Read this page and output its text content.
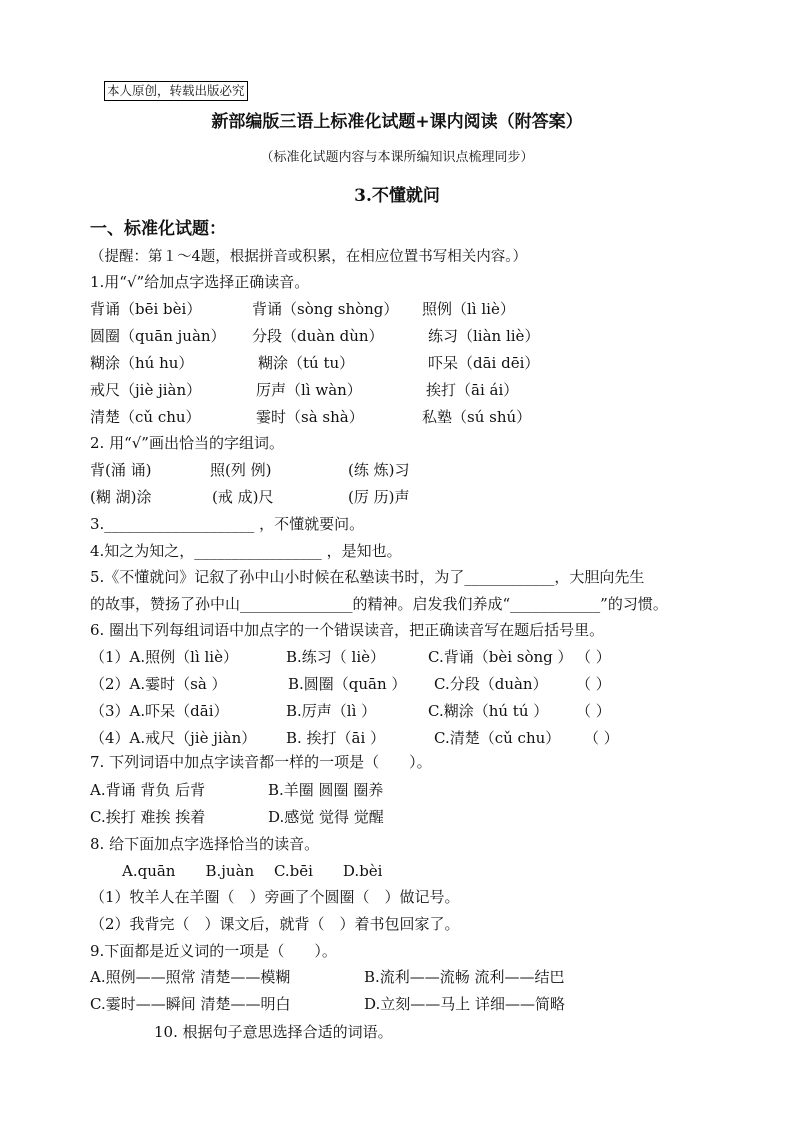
本人原创，转载出版必究
新部编版三语上标准化试题+课内阅读（附答案）
（标准化试题内容与本课所编知识点梳理同步）
3.不懂就问
一、标准化试题：
（提醒：第１～4题，根据拼音或积累，在相应位置书写相关内容。）
1.用“√”给加点字选择正确读音。
背诵（bēi bèi）	背诵（sòng shòng） 照例（lì liè）
圆圈（quān juàn） 分段（duàn dùn）	练习（liàn liè）
糊涂（hú hu）	糊涂（tú tu）	吓呆（dāi dēi）
戒尺（jiè jiàn）	厉声（lì wàn）	挨打（āi ái）
清楚（cǔ chu）	霎时（sà shà）	私塾（sú shú）
2. 用“√”画出恰当的字组词。
背(涌 诵)	照(列 例)	(练 炼)习
(糊 湖)涂	(戒 成)尺	(厉 历)声
3.____________________ ，不懂就要问。
4.知之为知之，_________________ ，是知也。
5.《不懂就问》记叙了孙中山小时候在私塾读书时，为了____________，大胆向先生
的故事，赞扬了孙中山_______________的精神。启发我们养成“____________”的习惯。
6. 圈出下列每组词语中加点字的一个错误读音，把正确读音写在题后括号里。
（1）A.照例（lì liè）	B.练习（ liè）	C.背诵（bèi sòng ） （ ）
（2）A.霎时（sà ）	B.圆圈（quān ） C.分段（duàn） （ ）
（3）A.吓呆（dāi）	B.厉声（lì ）	C.糊涂（hú tú ） （ ）
（4）A.戒尺（jiè jiàn） B. 挨打（āi ）	C.清楚（cǔ chu） （ ）
7. 下列词语中加点字读音都一样的一项是（　　）。
A.背诵 背负 后背	B.羊圈 圆圈 圈养
C.挨打 难挨 挨着	D.感觉 觉得 觉醒
8. 给下面加点字选择恰当的读音。
A.quān　　B.juàn　 C.bēi　　D.bèi
（1）牧羊人在羊圈（　）旁画了个圆圈（　）做记号。
（2）我背完（　）课文后，就背（　）着书包回家了。
9.下面都是近义词的一项是（　　）。
A.照例——照常 清楚——模糊	B.流利——流畅 流利——结巴
C.霎时——瞬间 清楚——明白	D.立刻——马上 详细——简略
10. 根据句子意思选择合适的词语。
